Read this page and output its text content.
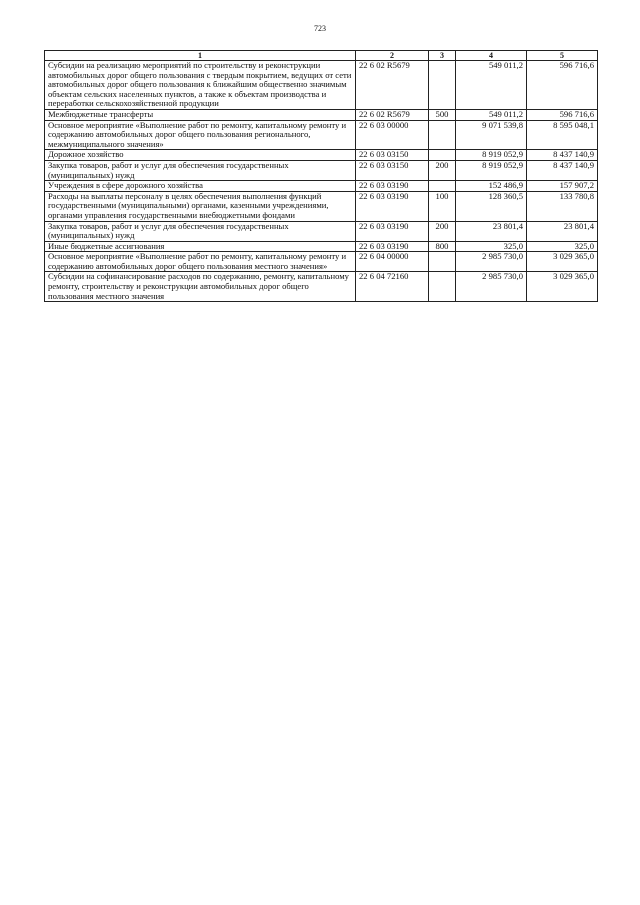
723
1	2	3	4	5
Субсидии на реализацию мероприятий по строительству и реконструкции автомобильных дорог общего пользования с твердым покрытием, ведущих от сети автомобильных дорог общего пользования к ближайшим общественно значимым объектам сельских населенных пунктов, а также к объектам производства и переработки сельскохозяйственной продукции	22 6 02 R5679		549 011,2	596 716,6
Межбюджетные трансферты	22 6 02 R5679	500	549 011,2	596 716,6
Основное мероприятие «Выполнение работ по ремонту, капитальному ремонту и содержанию автомобильных дорог общего пользования регионального, межмуниципального значения»	22 6 03 00000		9 071 539,8	8 595 048,1
Дорожное хозяйство	22 6 03 03150		8 919 052,9	8 437 140,9
Закупка товаров, работ и услуг для обеспечения государственных (муниципальных) нужд	22 6 03 03150	200	8 919 052,9	8 437 140,9
Учреждения в сфере дорожного хозяйства	22 6 03 03190		152 486,9	157 907,2
Расходы на выплаты персоналу в целях обеспечения выполнения функций государственными (муниципальными) органами, казенными учреждениями, органами управления государственными внебюджетными фондами	22 6 03 03190	100	128 360,5	133 780,8
Закупка товаров, работ и услуг для обеспечения государственных (муниципальных) нужд	22 6 03 03190	200	23 801,4	23 801,4
Иные бюджетные ассигнования	22 6 03 03190	800	325,0	325,0
Основное мероприятие «Выполнение работ по ремонту, капитальному ремонту и содержанию автомобильных дорог общего пользования местного значения»	22 6 04 00000		2 985 730,0	3 029 365,0
Субсидии на софинансирование расходов по содержанию, ремонту, капитальному ремонту, строительству и реконструкции автомобильных дорог общего пользования местного значения	22 6 04 72160		2 985 730,0	3 029 365,0
